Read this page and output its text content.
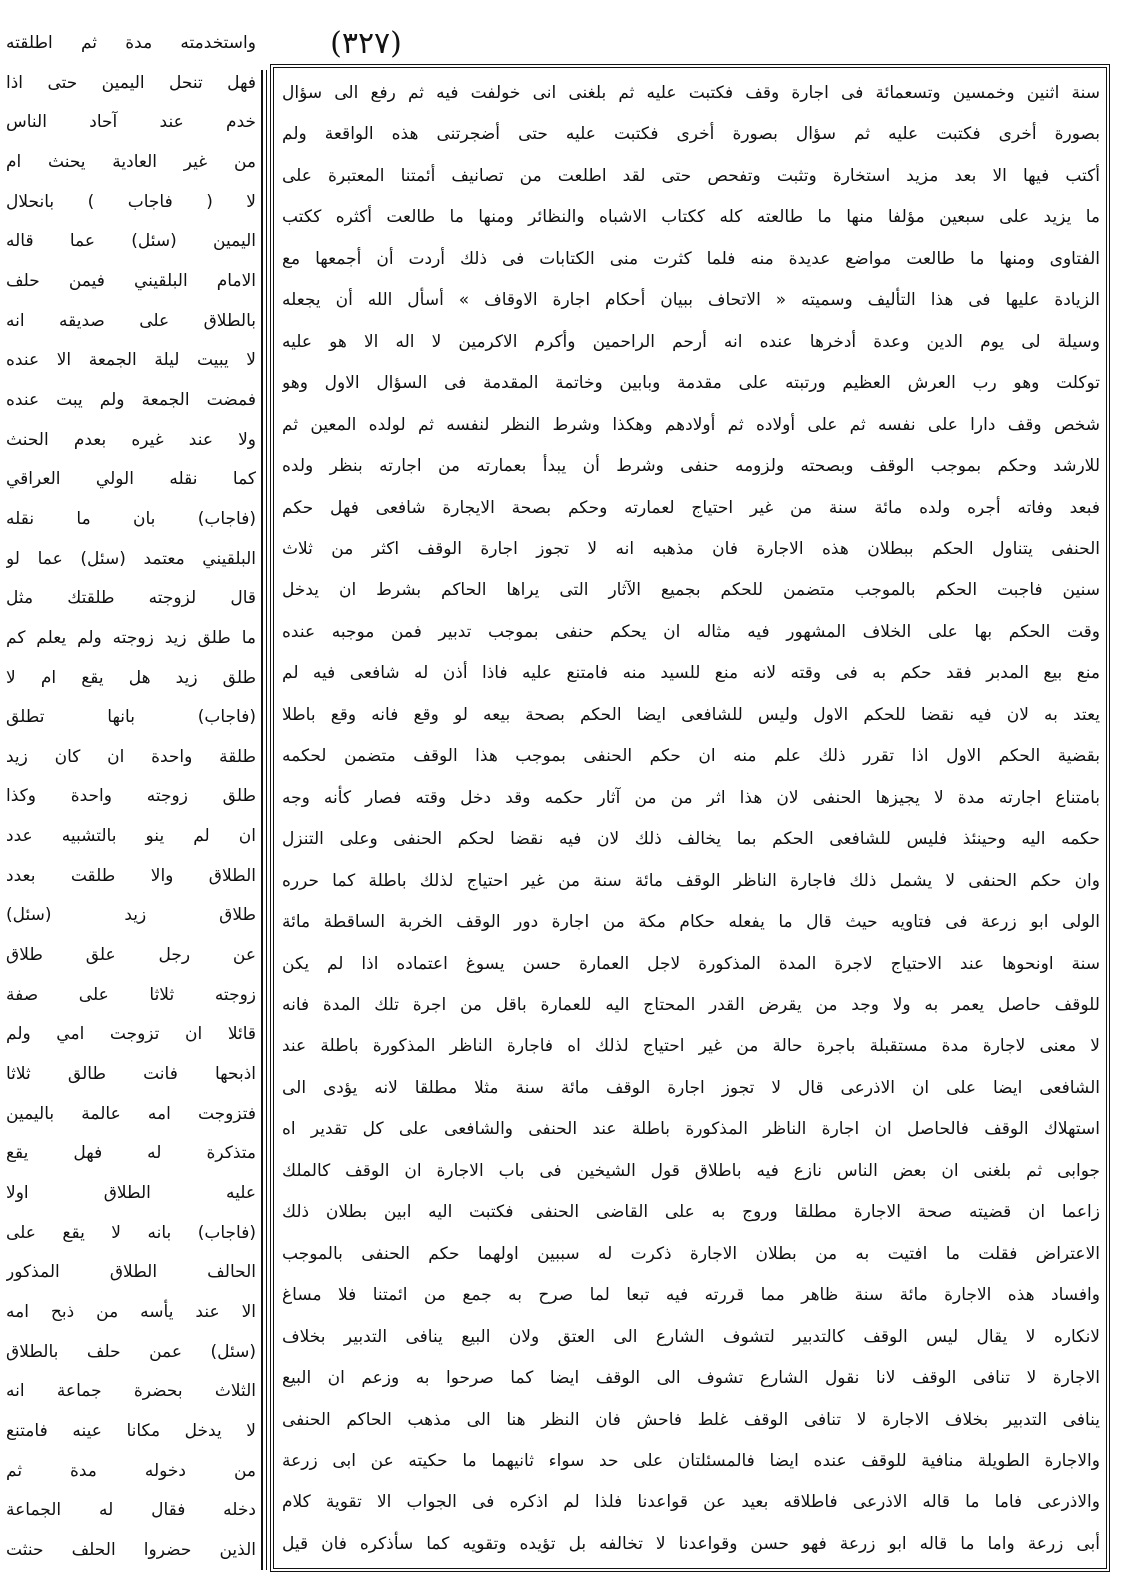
(٣٢٧)
واستخدمته مدة ثم اطلقته
فهل تنحل اليمين حتى اذا
خدم عند آحاد الناس
من غير العادية يحنث ام
لا ( فاجاب ) بانحلال
اليمين (سئل) عما قاله
الامام البلقيني فيمن حلف
بالطلاق على صديقه انه
لا يبيت ليلة الجمعة الا عنده
فمضت الجمعة ولم يبت عنده
ولا عند غيره بعدم الحنث
كما نقله الولي العراقي
(فاجاب) بان ما نقله
البلقيني معتمد (سئل) عما لو
قال لزوجته طلقتك مثل
ما طلق زيد زوجته ولم يعلم كم
طلق زيد هل يقع ام لا
(فاجاب) بانها تطلق
طلقة واحدة ان كان زيد
طلق زوجته واحدة وكذا
ان لم ينو بالتشبيه عدد
الطلاق والا طلقت بعدد
طلاق زيد (سئل)
عن رجل علق طلاق
زوجته ثلاثا على صفة
قائلا ان تزوجت امي ولم
اذبحها فانت طالق ثلاثا
فتزوجت امه عالمة باليمين
متذكرة له فهل يقع
عليه الطلاق اولا
(فاجاب) بانه لا يقع على
الحالف الطلاق المذكور
الا عند يأسه من ذبح امه
(سئل) عمن حلف بالطلاق
الثلاث بحضرة جماعة انه
لا يدخل مكانا عينه فامتنع
من دخوله مدة ثم
دخله فقال له الجماعة
الذين حضروا الحلف حنثت
سنة اثنين وخمسين وتسعمائة فى اجارة وقف فكتبت عليه ثم بلغنى انى خولفت فيه ثم رفع الى سؤال
بصورة أخرى فكتبت عليه ثم سؤال بصورة أخرى فكتبت عليه حتى أضجرتنى هذه الواقعة ولم
أكتب فيها الا بعد مزيد استخارة وتثبت وتفحص حتى لقد اطلعت من تصانيف أئمتنا المعتبرة على
ما يزيد على سبعين مؤلفا منها ما طالعته كله ككتاب الاشباه والنظائر ومنها ما طالعت أكثره ككتب
الفتاوى ومنها ما طالعت مواضع عديدة منه فلما كثرت منى الكتابات فى ذلك أردت أن أجمعها مع
الزيادة عليها فى هذا التأليف وسميته « الاتحاف ببيان أحكام اجارة الاوقاف » أسأل الله أن يجعله
وسيلة لى يوم الدين وعدة أدخرها عنده انه أرحم الراحمين وأكرم الاكرمين لا اله الا هو عليه
توكلت وهو رب العرش العظيم ورتبته على مقدمة وبابين وخاتمة المقدمة فى السؤال الاول وهو
شخص وقف دارا على نفسه ثم على أولاده ثم أولادهم وهكذا وشرط النظر لنفسه ثم لولده المعين ثم
للارشد وحكم بموجب الوقف وبصحته ولزومه حنفى وشرط أن يبدأ بعمارته من اجارته بنظر ولده
فبعد وفاته أجره ولده مائة سنة من غير احتياج لعمارته وحكم بصحة الايجارة شافعى فهل حكم
الحنفى يتناول الحكم ببطلان هذه الاجارة فان مذهبه انه لا تجوز اجارة الوقف اكثر من ثلاث
سنين فاجبت الحكم بالموجب متضمن للحكم بجميع الآثار التى يراها الحاكم بشرط ان يدخل
وقت الحكم بها على الخلاف المشهور فيه مثاله ان يحكم حنفى بموجب تدبير فمن موجبه عنده
منع بيع المدبر فقد حكم به فى وقته لانه منع للسيد منه فامتنع عليه فاذا أذن له شافعى فيه لم
يعتد به لان فيه نقضا للحكم الاول وليس للشافعى ايضا الحكم بصحة بيعه لو وقع فانه وقع باطلا
بقضية الحكم الاول اذا تقرر ذلك علم منه ان حكم الحنفى بموجب هذا الوقف متضمن لحكمه
بامتناع اجارته مدة لا يجيزها الحنفى لان هذا اثر من من آثار حكمه وقد دخل وقته فصار كأنه وجه
حكمه اليه وحينئذ فليس للشافعى الحكم بما يخالف ذلك لان فيه نقضا لحكم الحنفى وعلى التنزل
وان حكم الحنفى لا يشمل ذلك فاجارة الناظر الوقف مائة سنة من غير احتياج لذلك باطلة كما حرره
الولى ابو زرعة فى فتاويه حيث قال ما يفعله حكام مكة من اجارة دور الوقف الخربة الساقطة مائة
سنة اونحوها عند الاحتياج لاجرة المدة المذكورة لاجل العمارة حسن يسوغ اعتماده اذا لم يكن
للوقف حاصل يعمر به ولا وجد من يقرض القدر المحتاج اليه للعمارة باقل من اجرة تلك المدة فانه
لا معنى لاجارة مدة مستقبلة باجرة حالة من غير احتياج لذلك اه فاجارة الناظر المذكورة باطلة عند
الشافعى ايضا على ان الاذرعى قال لا تجوز اجارة الوقف مائة سنة مثلا مطلقا لانه يؤدى الى
استهلاك الوقف فالحاصل ان اجارة الناظر المذكورة باطلة عند الحنفى والشافعى على كل تقدير اه
جوابى ثم بلغنى ان بعض الناس نازع فيه باطلاق قول الشيخين فى باب الاجارة ان الوقف كالملك
زاعما ان قضيته صحة الاجارة مطلقا وروج به على القاضى الحنفى فكتبت اليه ابين بطلان ذلك
الاعتراض فقلت ما افتيت به من بطلان الاجارة ذكرت له سببين اولهما حكم الحنفى بالموجب
وافساد هذه الاجارة مائة سنة ظاهر مما قررته فيه تبعا لما صرح به جمع من ائمتنا فلا مساغ
لانكاره لا يقال ليس الوقف كالتدبير لتشوف الشارع الى العتق ولان البيع ينافى التدبير بخلاف
الاجارة لا تنافى الوقف لانا نقول الشارع تشوف الى الوقف ايضا كما صرحوا به وزعم ان البيع
ينافى التدبير بخلاف الاجارة لا تنافى الوقف غلط فاحش فان النظر هنا الى مذهب الحاكم الحنفى
والاجارة الطويلة منافية للوقف عنده ايضا فالمسئلتان على حد سواء ثانيهما ما حكيته عن ابى زرعة
والاذرعى فاما ما قاله الاذرعى فاطلاقه بعيد عن قواعدنا فلذا لم اذكره فى الجواب الا تقوية كلام
أبى زرعة واما ما قاله ابو زرعة فهو حسن وقواعدنا لا تخالفه بل تؤيده وتقويه كما سأذكره فان قيل
